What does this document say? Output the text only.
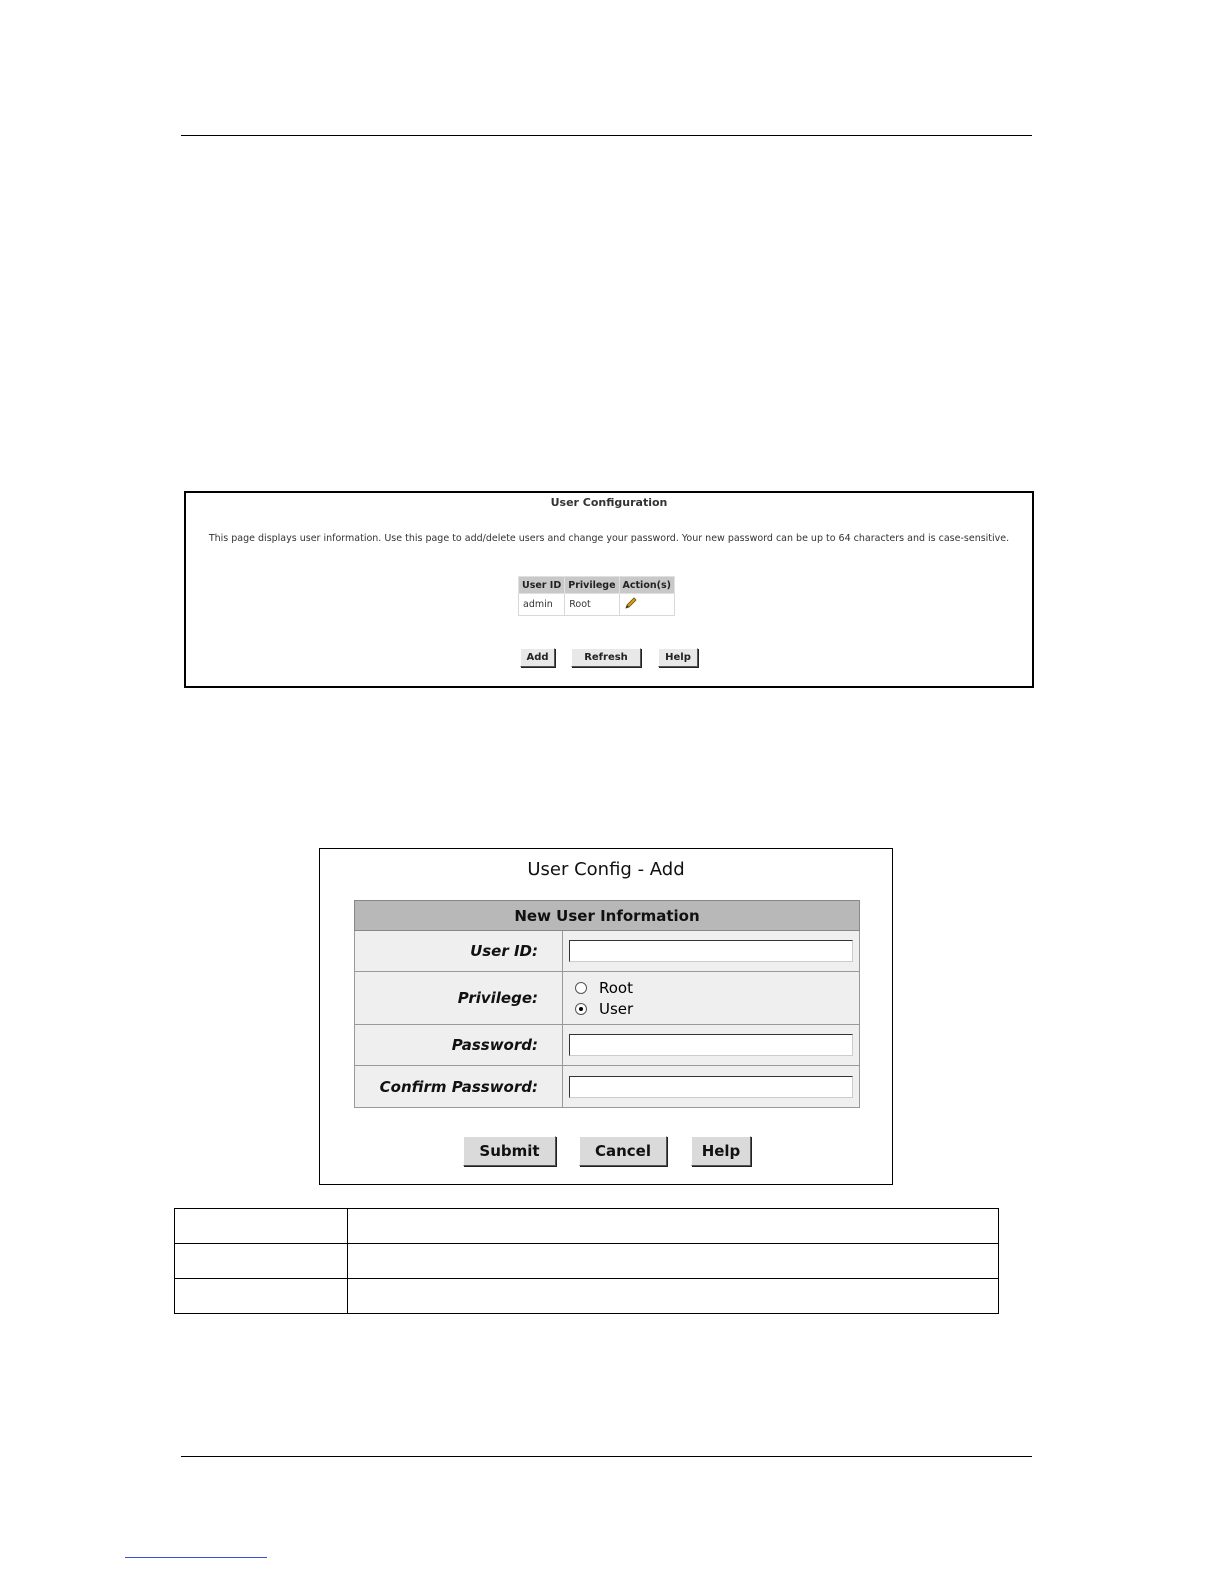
User Configuration
This page displays user information. Use this page to add/delete users and change your password. Your new password can be up to 64 characters and is case-sensitive.
User ID	Privilege	Action(s)
admin	Root	
Add	Refresh	Help
User Config - Add
New User Information	
User ID:	

Privilege:	Root
User

Password:	

Confirm Password:	
Submit	Cancel	Help
